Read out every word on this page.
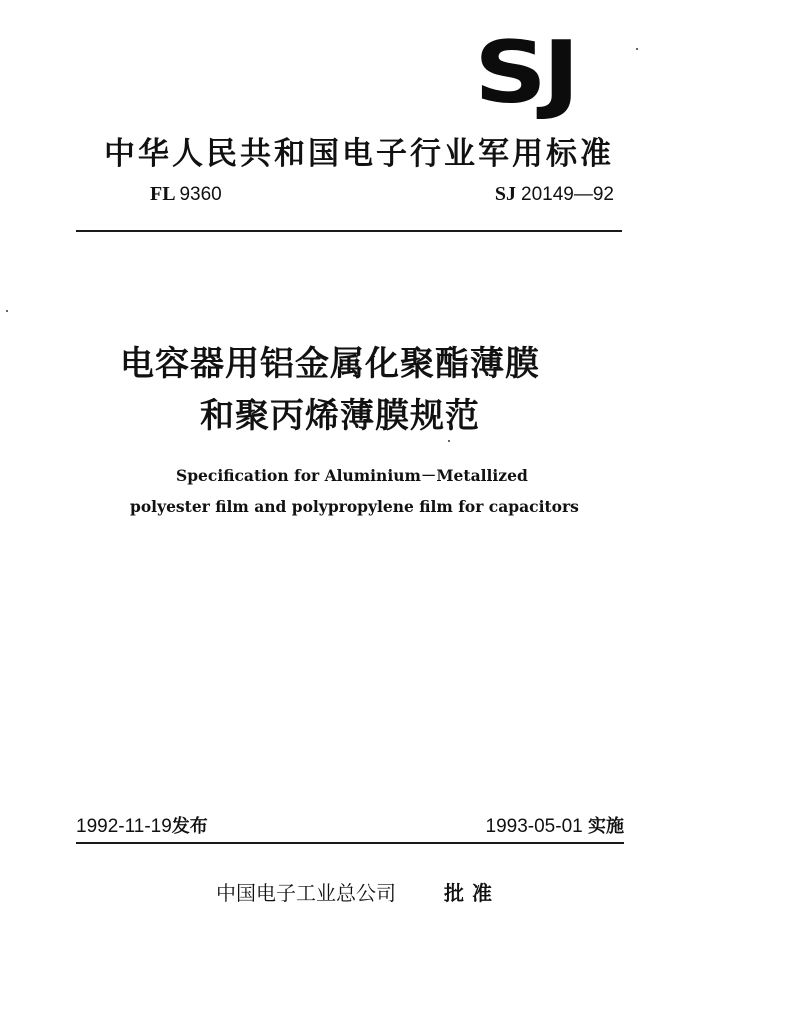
SJ
中华人民共和国电子行业军用标准
FL 9360	SJ 20149—92
电容器用铝金属化聚酯薄膜
和聚丙烯薄膜规范
Specification for Aluminium－Metallized
polyester film and polypropylene film for capacitors
1992-11-19发布	1993-05-01 实施
中国电子工业总公司 批准
